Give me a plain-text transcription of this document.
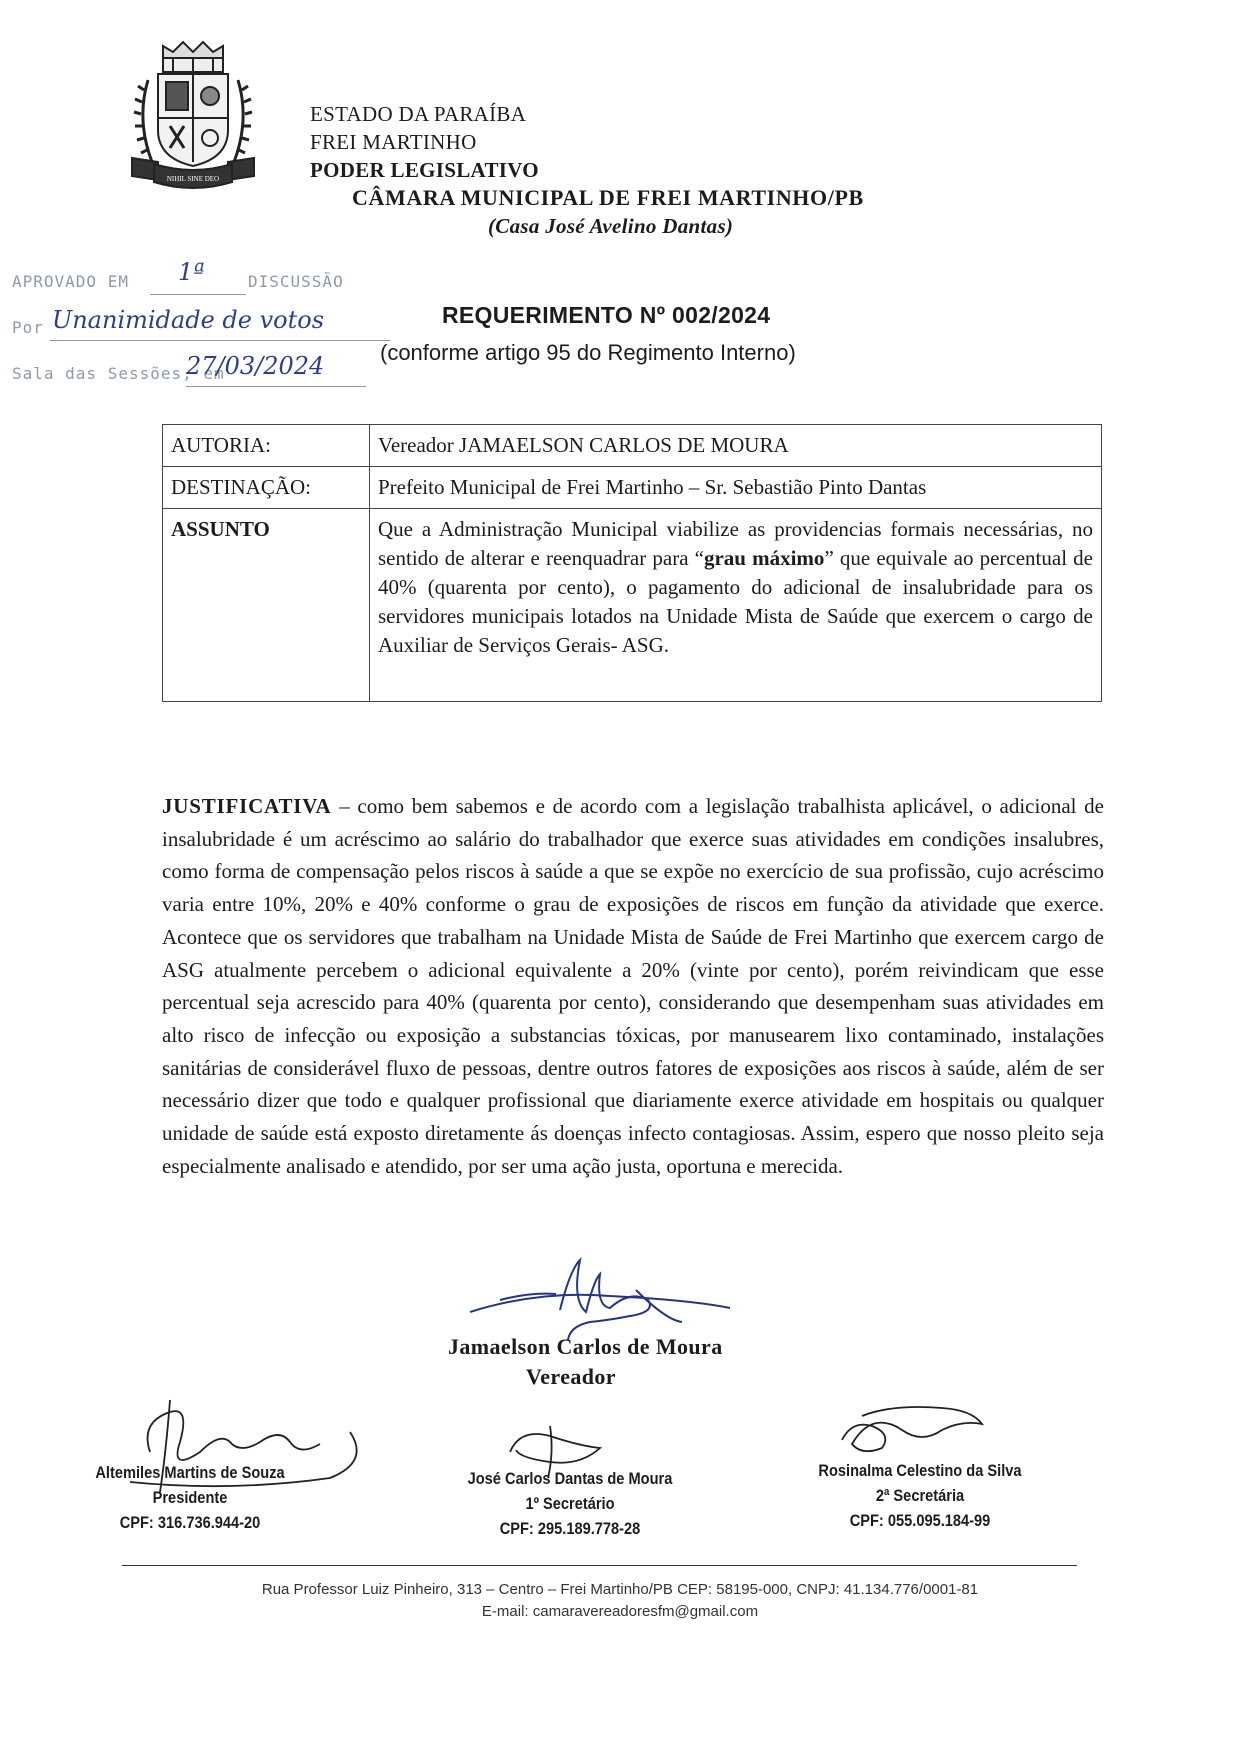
NIHIL SINE DEO
ESTADO DA PARAÍBA
FREI MARTINHO
PODER LEGISLATIVO
CÂMARA MUNICIPAL DE FREI MARTINHO/PB
(Casa José Avelino Dantas)
APROVADO EM 1ª	DISCUSSÃO
Por Unanimidade de votos
Sala das Sessões, em
27/03/2024
REQUERIMENTO Nº 002/2024
(conforme artigo 95 do Regimento Interno)
AUTORIA:	Vereador JAMAELSON CARLOS DE MOURA
DESTINAÇÃO:	Prefeito Municipal de Frei Martinho – Sr. Sebastião Pinto Dantas
ASSUNTO	Que a Administração Municipal viabilize as providencias formais necessárias, no sentido de alterar e reenquadrar para “grau máximo” que equivale ao percentual de 40% (quarenta por cento), o pagamento do adicional de insalubridade para os servidores municipais lotados na Unidade Mista de Saúde que exercem o cargo de Auxiliar de Serviços Gerais- ASG.
JUSTIFICATIVA – como bem sabemos e de acordo com a legislação trabalhista aplicável, o adicional de insalubridade é um acréscimo ao salário do trabalhador que exerce suas atividades em condições insalubres, como forma de compensação pelos riscos à saúde a que se expõe no exercício de sua profissão, cujo acréscimo varia entre 10%, 20% e 40% conforme o grau de exposições de riscos em função da atividade que exerce. Acontece que os servidores que trabalham na Unidade Mista de Saúde de Frei Martinho que exercem cargo de ASG atualmente percebem o adicional equivalente a 20% (vinte por cento), porém reivindicam que esse percentual seja acrescido para 40% (quarenta por cento), considerando que desempenham suas atividades em alto risco de infecção ou exposição a substancias tóxicas, por manusearem lixo contaminado, instalações sanitárias de considerável fluxo de pessoas, dentre outros fatores de exposições aos riscos à saúde, além de ser necessário dizer que todo e qualquer profissional que diariamente exerce atividade em hospitais ou qualquer unidade de saúde está exposto diretamente ás doenças infecto contagiosas. Assim, espero que nosso pleito seja especialmente analisado e atendido, por ser uma ação justa, oportuna e merecida.
Jamaelson Carlos de Moura
Vereador
Altemiles Martins de Souza
Presidente
CPF: 316.736.944-20
José Carlos Dantas de Moura
1º Secretário
CPF: 295.189.778-28
Rosinalma Celestino da Silva
2ª Secretária
CPF: 055.095.184-99
Rua Professor Luiz Pinheiro, 313 – Centro – Frei Martinho/PB CEP: 58195-000, CNPJ: 41.134.776/0001-81
E-mail: camaravereadoresfm@gmail.com
